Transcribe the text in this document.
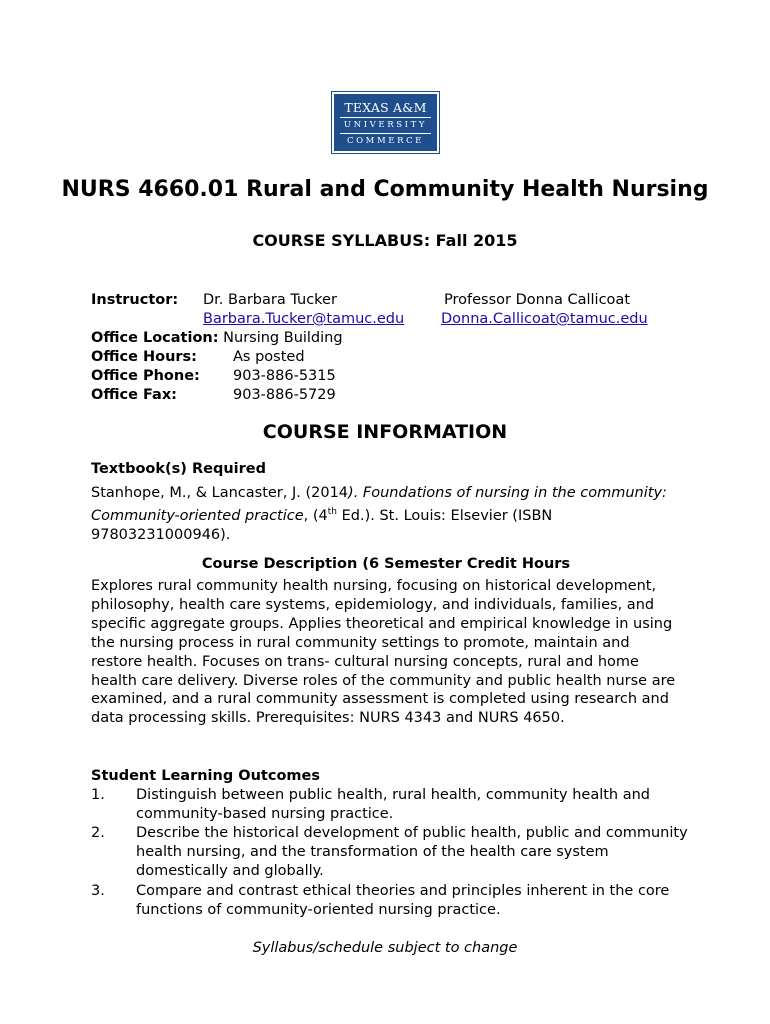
TEXAS A&M
UNIVERSITY
COMMERCE
NURS 4660.01 Rural and Community Health Nursing
COURSE SYLLABUS: Fall 2015
Instructor: Dr. Barbara Tucker	Professor Donna Callicoat
Barbara.Tucker@tamuc.edu	Donna.Callicoat@tamuc.edu
Office Location: Nursing Building
Office Hours: As posted
Office Phone: 903-886-5315
Office Fax:	903-886-5729
COURSE INFORMATION
Textbook(s) Required
Stanhope, M., & Lancaster, J. (2014). Foundations of nursing in the community: Community-oriented practice, (4th Ed.). St. Louis: Elsevier (ISBN 97803231000946).
Course Description (6 Semester Credit Hours
Explores rural community health nursing, focusing on historical development, philosophy, health care systems, epidemiology, and individuals, families, and specific aggregate groups. Applies theoretical and empirical knowledge in using the nursing process in rural community settings to promote, maintain and restore health. Focuses on trans- cultural nursing concepts, rural and home health care delivery. Diverse roles of the community and public health nurse are examined, and a rural community assessment is completed using research and data processing skills. Prerequisites: NURS 4343 and NURS 4650.
Student Learning Outcomes
1. Distinguish between public health, rural health, community health and community-based nursing practice.
2. Describe the historical development of public health, public and community health nursing, and the transformation of the health care system domestically and globally.
3. Compare and contrast ethical theories and principles inherent in the core functions of community-oriented nursing practice.
Syllabus/schedule subject to change
